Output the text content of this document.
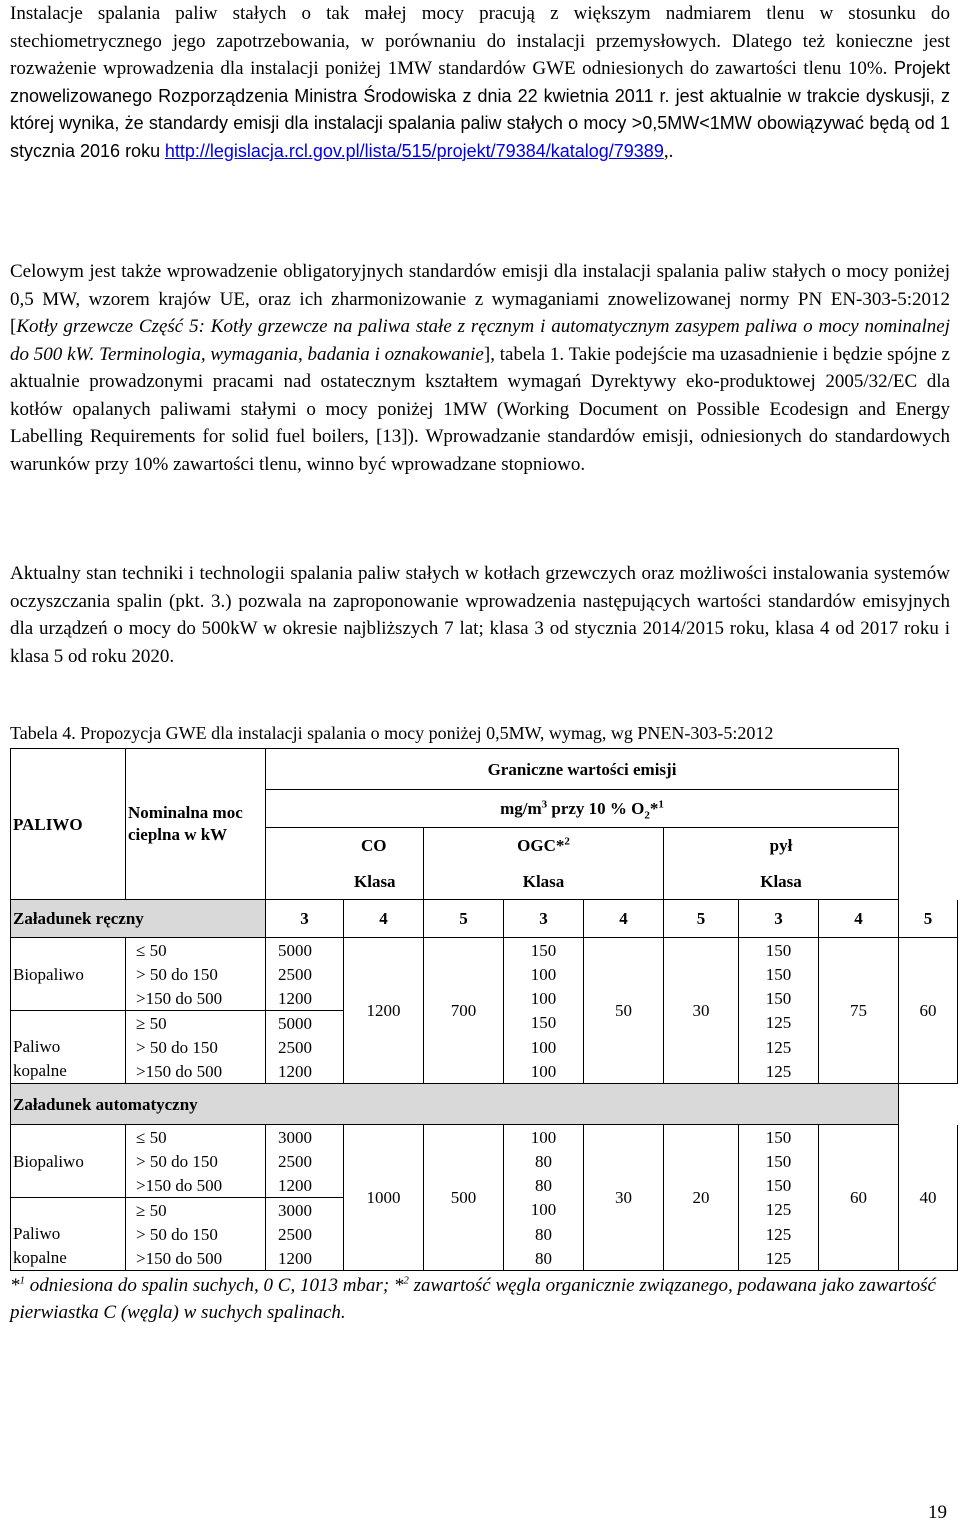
Instalacje spalania paliw stałych o tak małej mocy pracują z większym nadmiarem tlenu w stosunku do stechiometrycznego jego zapotrzebowania, w porównaniu do instalacji przemysłowych. Dlatego też konieczne jest rozważenie wprowadzenia dla instalacji poniżej 1MW standardów GWE odniesionych do zawartości tlenu 10%. Projekt znowelizowanego Rozporządzenia Ministra Środowiska z dnia 22 kwietnia 2011 r. jest aktualnie w trakcie dyskusji, z której wynika, że standardy emisji dla instalacji spalania paliw stałych o mocy >0,5MW<1MW obowiązywać będą od 1 stycznia 2016 roku http://legislacja.rcl.gov.pl/lista/515/projekt/79384/katalog/79389,.

Celowym jest także wprowadzenie obligatoryjnych standardów emisji dla instalacji spalania paliw stałych o mocy poniżej 0,5 MW, wzorem krajów UE, oraz ich zharmonizowanie z wymaganiami znowelizowanej normy PN EN-303-5:2012 [Kotły grzewcze Część 5: Kotły grzewcze na paliwa stałe z ręcznym i automatycznym zasypem paliwa o mocy nominalnej do 500 kW. Terminologia, wymagania, badania i oznakowanie], tabela 1. Takie podejście ma uzasadnienie i będzie spójne z aktualnie prowadzonymi pracami nad ostatecznym kształtem wymagań Dyrektywy eko-produktowej 2005/32/EC dla kotłów opalanych paliwami stałymi o mocy poniżej 1MW (Working Document on Possible Ecodesign and Energy Labelling Requirements for solid fuel boilers, [13]). Wprowadzanie standardów emisji, odniesionych do standardowych warunków przy 10% zawartości tlenu, winno być wprowadzane stopniowo.

Aktualny stan techniki i technologii spalania paliw stałych w kotłach grzewczych oraz możliwości instalowania systemów oczyszczania spalin (pkt. 3.) pozwala na zaproponowanie wprowadzenia następujących wartości standardów emisyjnych dla urządzeń o mocy do 500kW w okresie najbliższych 7 lat; klasa 3 od stycznia 2014/2015 roku, klasa 4 od 2017 roku i klasa 5 od roku 2020.

Tabela 4. Propozycja GWE dla instalacji spalania o mocy poniżej 0,5MW, wymag, wg PNEN-303-5:2012
PALIWO	Nominalna moc cieplna w kW	Graniczne wartości emisji								
		$mg/m^3$ przy 10 % $O_2*^1$
		CO		OGC*$^2$			pył			
		Klasa		Klasa			Klasa			
Załadunek ręczny		3	4	5	3	4	5	3	4	5
Biopaliwo	≤ 50	5000	1200	700	150	50	30	150	75	60
	> 50 do 150	2500			100			150		
	>150 do 500	1200			100			150		
Paliwo
kopalne	≥ 50	5000			150			125		
	> 50 do 150	2500			100			125		
	>150 do 500	1200			100			125		
Załadunek automatyczny										
Biopaliwo	≤ 50	3000	1000	500	100	30	20	150	60	40
	> 50 do 150	2500			80			150		
	>150 do 500	1200			80			150		
Paliwo
kopalne	≥ 50	3000			100			125		
	> 50 do 150	2500			80			125		
	>150 do 500	1200			80			125		
*$^1$ odniesiona do spalin suchych, 0 C, 1013 mbar; *$^2$ zawartość węgla organicznie związanego, podawana jako zawartość pierwiastka C (węgla) w suchych spalinach.
19
